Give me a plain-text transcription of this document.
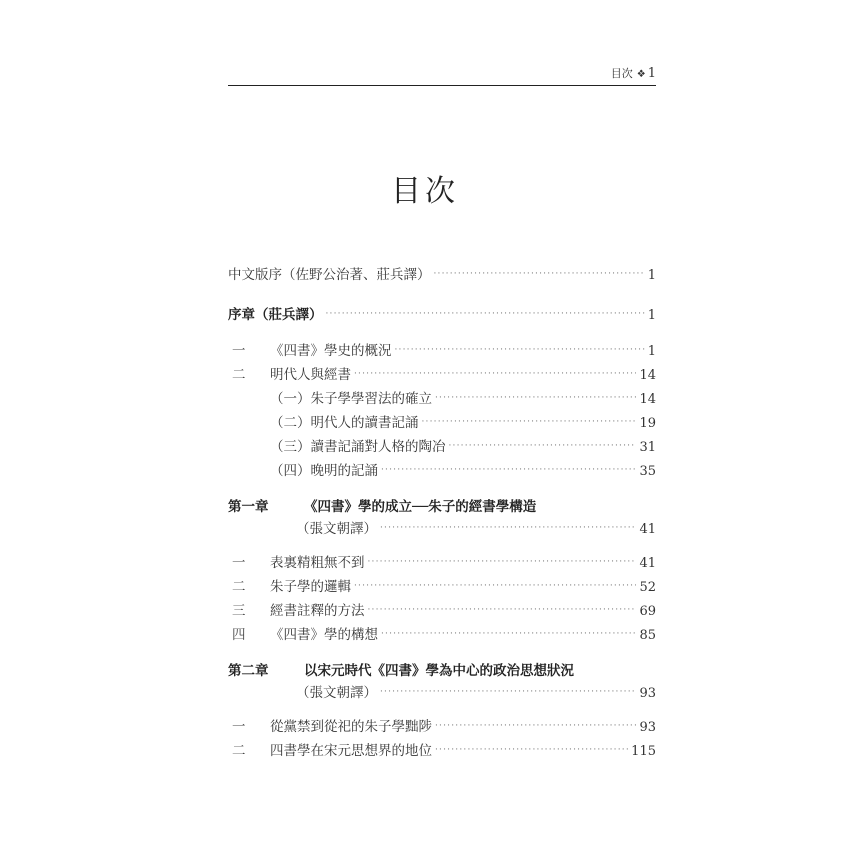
目次 ❖ 1
目次
中文版序（佐野公治著、莊兵譯） ·····	1
序章（莊兵譯） ·····	1
一	《四書》學史的概況 ·····	1
二	明代人與經書 ·····	14
（一）朱子學學習法的確立 ·····	14
（二）明代人的讀書記誦 ·····	19
（三）讀書記誦對人格的陶冶 ·····	31
（四）晚明的記誦 ·····	35
第一章	《四書》學的成立──朱子的經書學構造
（張文朝譯） ·····	41
一	表裏精粗無不到 ·····	41
二	朱子學的邏輯 ·····	52
三	經書註釋的方法 ·····	69
四	《四書》學的構想 ·····	85
第二章	以宋元時代《四書》學為中心的政治思想狀況
（張文朝譯） ·····	93
一	從黨禁到從祀的朱子學黜陟 ·····	93
二	四書學在宋元思想界的地位 ·····	115
